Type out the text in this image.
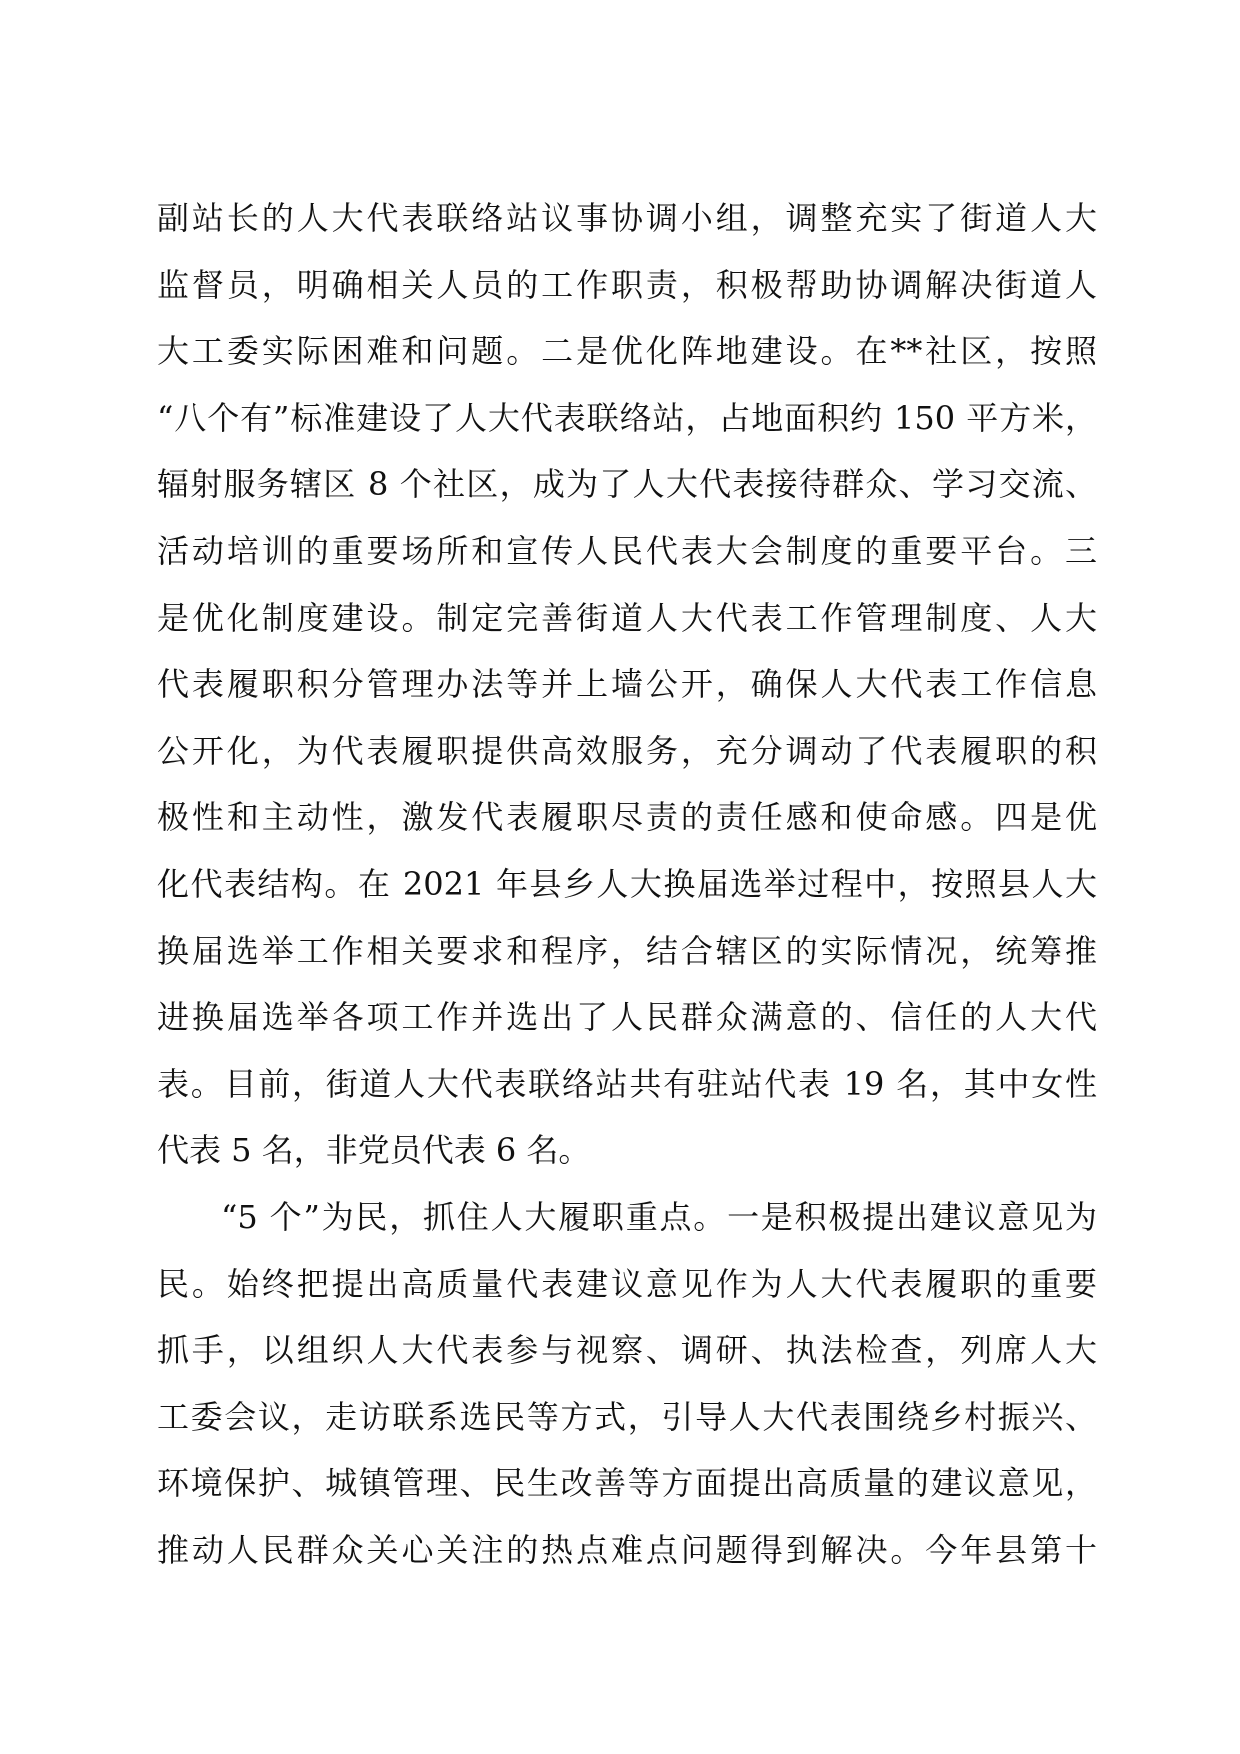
副站长的人大代表联络站议事协调小组，调整充实了街道人大
监督员，明确相关人员的工作职责，积极帮助协调解决街道人
大工委实际困难和问题。二是优化阵地建设。在**社区，按照
“八个有”标准建设了人大代表联络站，占地面积约 150 平方米，
辐射服务辖区 8 个社区，成为了人大代表接待群众、学习交流、
活动培训的重要场所和宣传人民代表大会制度的重要平台。三
是优化制度建设。制定完善街道人大代表工作管理制度、人大
代表履职积分管理办法等并上墙公开，确保人大代表工作信息
公开化，为代表履职提供高效服务，充分调动了代表履职的积
极性和主动性，激发代表履职尽责的责任感和使命感。四是优
化代表结构。在 2021 年县乡人大换届选举过程中，按照县人大
换届选举工作相关要求和程序，结合辖区的实际情况，统筹推
进换届选举各项工作并选出了人民群众满意的、信任的人大代
表。目前，街道人大代表联络站共有驻站代表 19 名，其中女性
代表 5 名，非党员代表 6 名。
“5 个”为民，抓住人大履职重点。一是积极提出建议意见为
民。始终把提出高质量代表建议意见作为人大代表履职的重要
抓手，以组织人大代表参与视察、调研、执法检查，列席人大
工委会议，走访联系选民等方式，引导人大代表围绕乡村振兴、
环境保护、城镇管理、民生改善等方面提出高质量的建议意见，
推动人民群众关心关注的热点难点问题得到解决。今年县第十
